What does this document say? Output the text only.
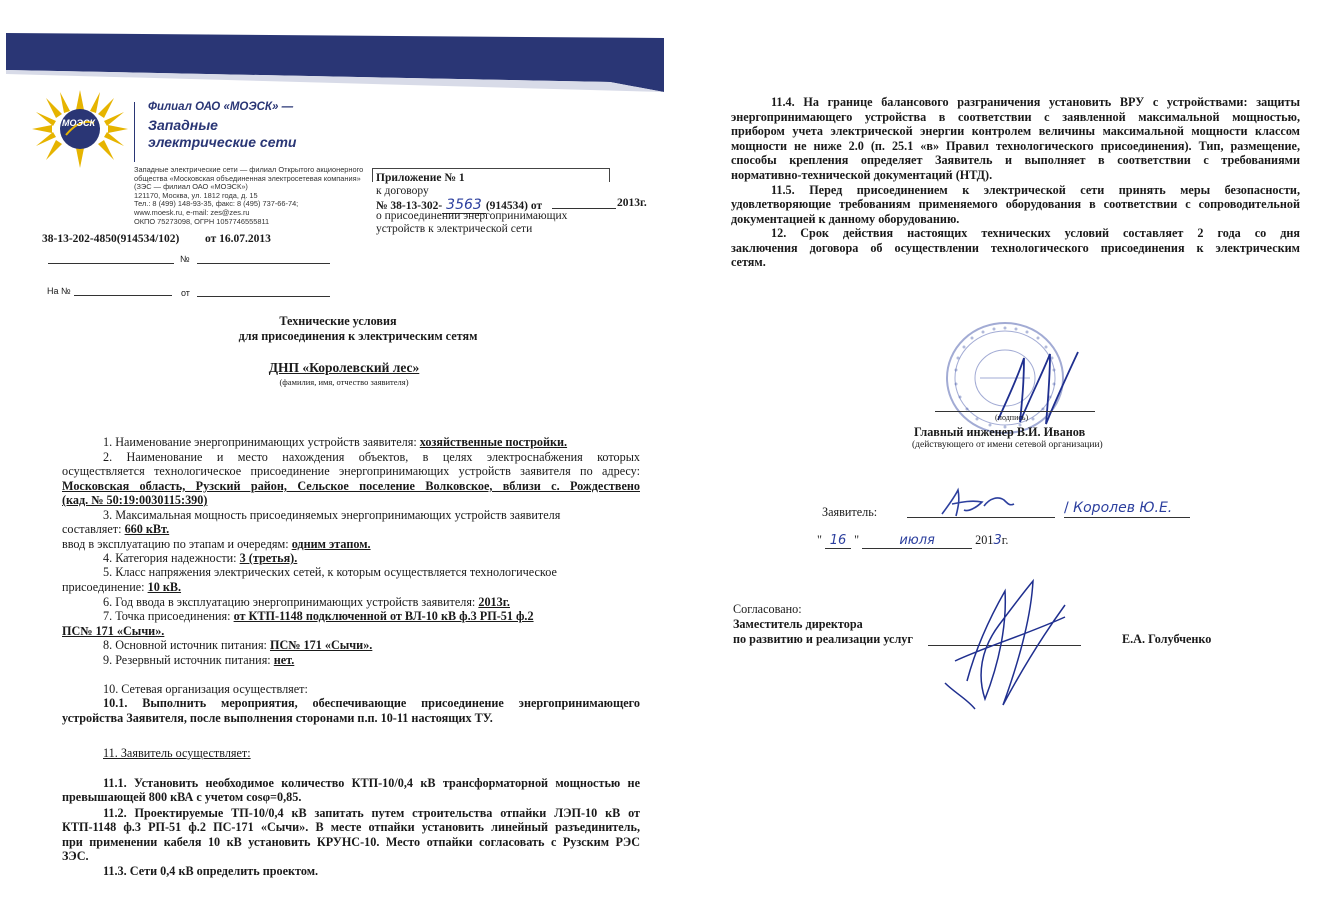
МОЭСК
Филиал ОАО «МОЭСК» —
Западные
электрические сети
Западные электрические сети — филиал Открытого акционерного
общества «Московская объединенная электросетевая компания»
(ЗЭС — филиал ОАО «МОЭСК»)
121170, Москва, ул. 1812 года, д. 15
Тел.: 8 (499) 148-93-35, факс: 8 (495) 737-66-74;
www.moesk.ru, e-mail: zes@zes.ru
ОКПО 75273098, ОГРН 1057746555811
Приложение № 1
к договору
№ 38-13-302- 3563 (914534) от	2013г.
о присоединении энергопринимающих
устройств к электрической сети
38-13-202-4850(914534/102) от 16.07.2013
№
На №	от
Технические условия
для присоединения к электрическим сетям
ДНП «Королевский лес»
(фамилия, имя, отчество заявителя)
1. Наименование энергопринимающих устройств заявителя: хозяйственные постройки.
2. Наименование и место нахождения объектов, в целях электроснабжения которых
осуществляется технологическое присоединение энергопринимающих устройств заявителя по адресу:
Московская область, Рузский район, Сельское поселение Волковское, вблизи с. Рождествено
(кад. № 50:19:0030115:390)
3. Максимальная мощность присоединяемых энергопринимающих устройств заявителя
составляет: 660 кВт.
ввод в эксплуатацию по этапам и очередям: одним этапом.
4. Категория надежности: 3 (третья).
5. Класс напряжения электрических сетей, к которым осуществляется технологическое
присоединение: 10 кВ.
6. Год ввода в эксплуатацию энергопринимающих устройств заявителя: 2013г.
7. Точка присоединения: от КТП-1148 подключенной от ВЛ-10 кВ ф.3 РП-51 ф.2
ПС№ 171 «Сычи».
8. Основной источник питания: ПС№ 171 «Сычи».
9. Резервный источник питания: нет.
10. Сетевая организация осуществляет:
10.1. Выполнить мероприятия, обеспечивающие присоединение энергопринимающего
устройства Заявителя, после выполнения сторонами п.п. 10-11 настоящих ТУ.
11. Заявитель осуществляет:
11.1. Установить необходимое количество КТП-10/0,4 кВ трансформаторной мощностью не
превышающей 800 кВА с учетом cosφ=0,85.
11.2. Проектируемые ТП-10/0,4 кВ запитать путем строительства отпайки ЛЭП-10 кВ от
КТП-1148 ф.3 РП-51 ф.2 ПС-171 «Сычи». В месте отпайки установить линейный разъединитель,
при применении кабеля 10 кВ установить КРУНС-10. Место отпайки согласовать с Рузским РЭС
ЗЭС.
11.3. Сети 0,4 кВ определить проектом.
11.4. На границе балансового разграничения установить ВРУ с устройствами: защиты
энергопринимающего устройства в соответствии с заявленной максимальной мощностью,
прибором учета электрической энергии контролем величины максимальной мощности классом
мощности не ниже 2.0 (п. 25.1 «в» Правил технологического присоединения). Тип, размещение,
способы крепления определяет Заявитель и выполняет в соответствии с требованиями
нормативно-технической документаций (НТД).
11.5. Перед присоединением к электрической сети принять меры безопасности,
удовлетворяющие требованиям применяемого оборудования в соответствии с сопроводительной
документацией к данному оборудованию.
12. Срок действия настоящих технических условий составляет 2 года со дня
заключения договора об осуществлении технологического присоединения к электрическим
сетям.
(подпись)
Главный инженер В.И. Иванов
(действующего от имени сетевой организации)
Заявитель:	/ Королев Ю.Е.
" 16 "	июля	2013г.
Согласовано:
Заместитель директора
по развитию и реализации услуг	Е.А. Голубченко
